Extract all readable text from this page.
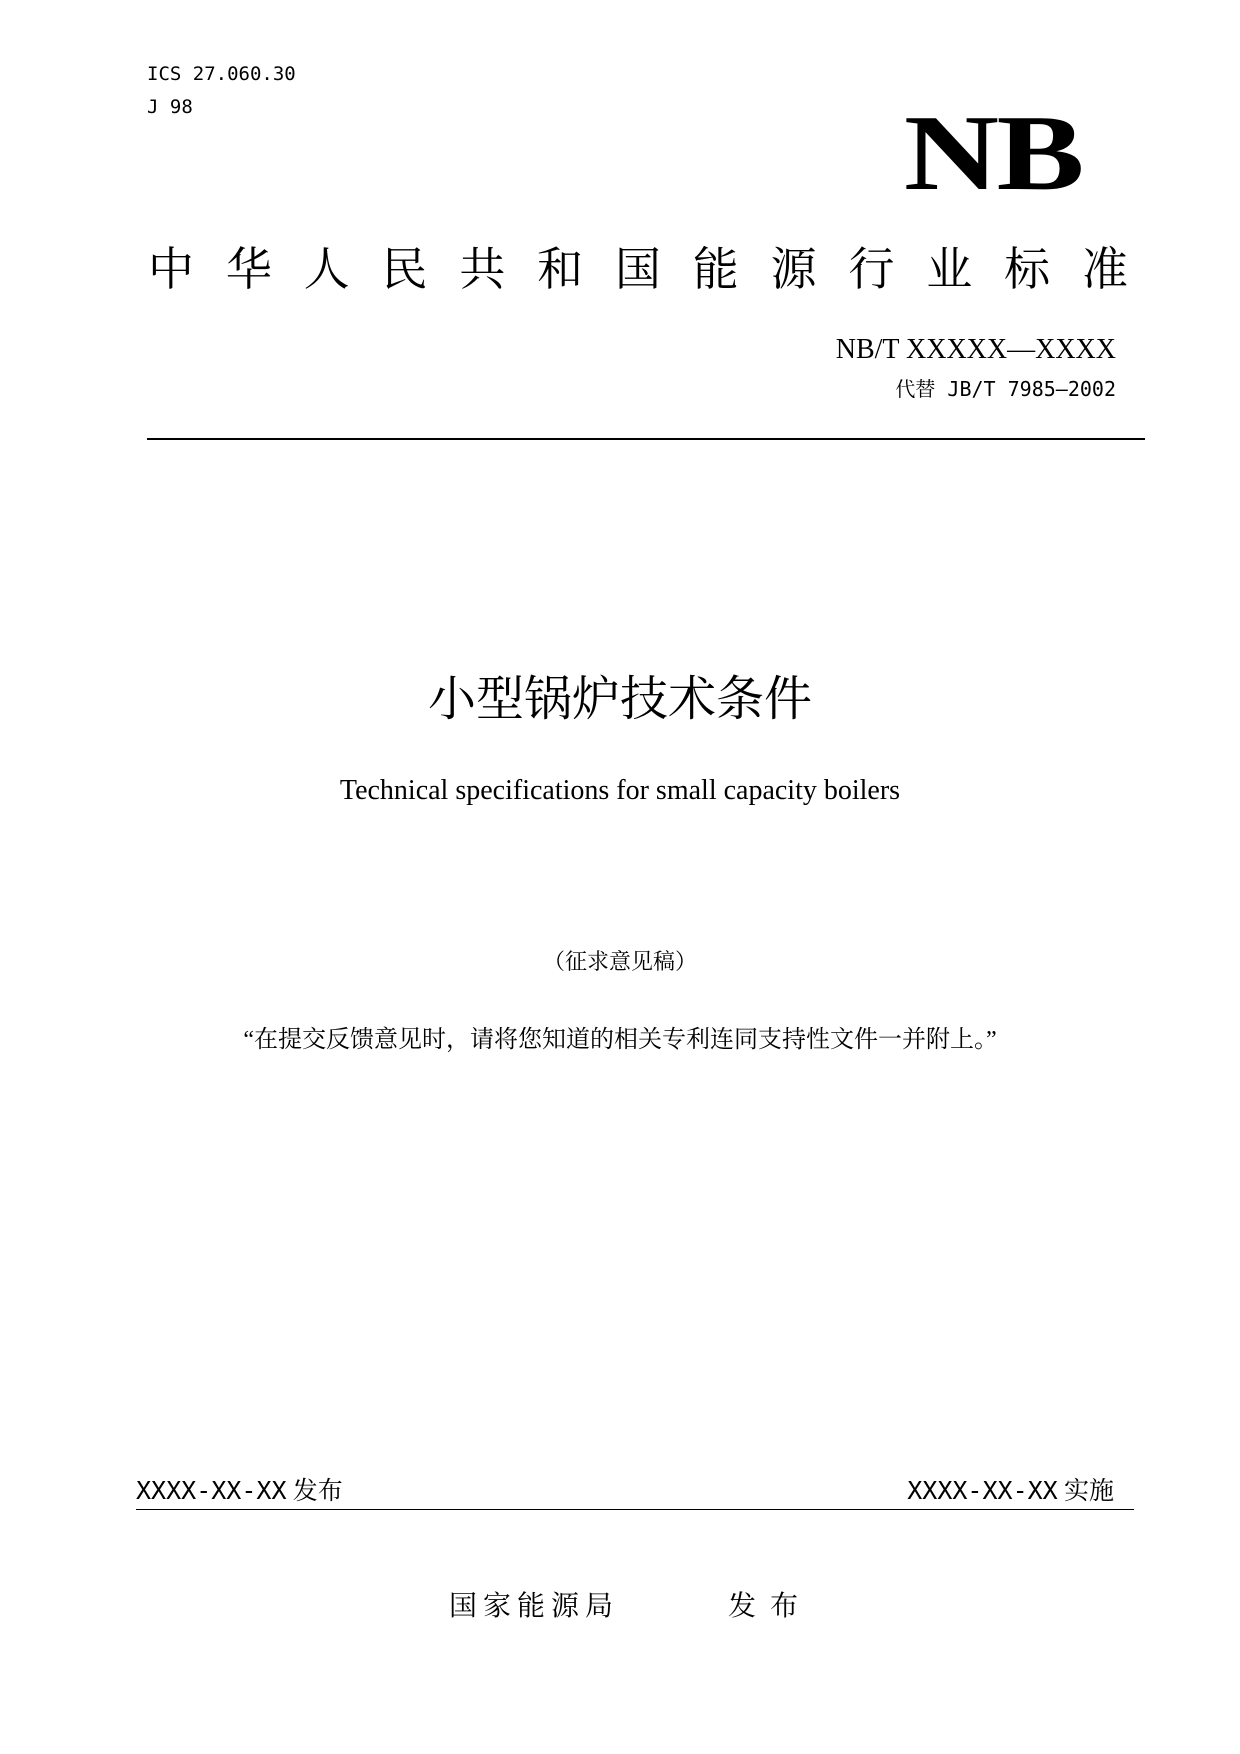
ICS 27.060.30
J 98	NB
中 华 人 民 共 和 国 能 源 行 业 标 准
NB/T XXXXX—XXXX
代替 JB/T 7985—2002
小型锅炉技术条件
Technical specifications for small capacity boilers
（征求意见稿）
“在提交反馈意见时，请将您知道的相关专利连同支持性文件一并附上。”
XXXX-XX-XX 发布	XXXX-XX-XX 实施
国家能源局	发布
